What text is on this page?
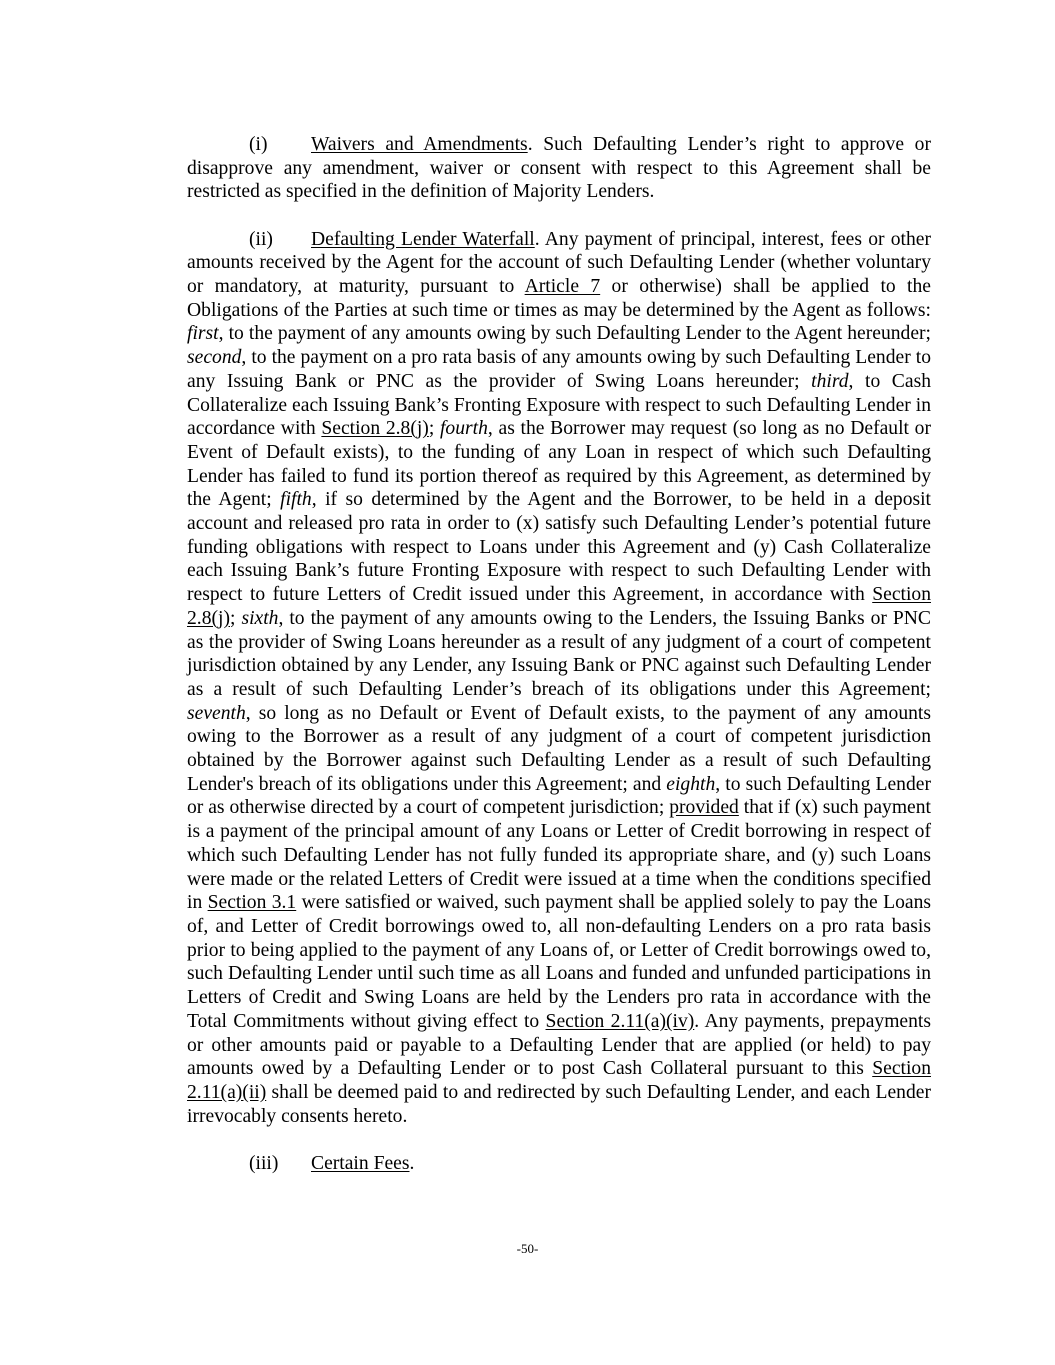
(i) Waivers and Amendments. Such Defaulting Lender’s right to approve or disapprove any amendment, waiver or consent with respect to this Agreement shall be restricted as specified in the definition of Majority Lenders.

(ii) Defaulting Lender Waterfall. Any payment of principal, interest, fees or other amounts received by the Agent for the account of such Defaulting Lender (whether voluntary or mandatory, at maturity, pursuant to Article 7 or otherwise) shall be applied to the Obligations of the Parties at such time or times as may be determined by the Agent as follows: first, to the payment of any amounts owing by such Defaulting Lender to the Agent hereunder; second, to the payment on a pro rata basis of any amounts owing by such Defaulting Lender to any Issuing Bank or PNC as the provider of Swing Loans hereunder; third, to Cash Collateralize each Issuing Bank’s Fronting Exposure with respect to such Defaulting Lender in accordance with Section 2.8(j); fourth, as the Borrower may request (so long as no Default or Event of Default exists), to the funding of any Loan in respect of which such Defaulting Lender has failed to fund its portion thereof as required by this Agreement, as determined by the Agent; fifth, if so determined by the Agent and the Borrower, to be held in a deposit account and released pro rata in order to (x) satisfy such Defaulting Lender’s potential future funding obligations with respect to Loans under this Agreement and (y) Cash Collateralize each Issuing Bank’s future Fronting Exposure with respect to such Defaulting Lender with respect to future Letters of Credit issued under this Agreement, in accordance with Section 2.8(j); sixth, to the payment of any amounts owing to the Lenders, the Issuing Banks or PNC as the provider of Swing Loans hereunder as a result of any judgment of a court of competent jurisdiction obtained by any Lender, any Issuing Bank or PNC against such Defaulting Lender as a result of such Defaulting Lender’s breach of its obligations under this Agreement; seventh, so long as no Default or Event of Default exists, to the payment of any amounts owing to the Borrower as a result of any judgment of a court of competent jurisdiction obtained by the Borrower against such Defaulting Lender as a result of such Defaulting Lender's breach of its obligations under this Agreement; and eighth, to such Defaulting Lender or as otherwise directed by a court of competent jurisdiction; provided that if (x) such payment is a payment of the principal amount of any Loans or Letter of Credit borrowing in respect of which such Defaulting Lender has not fully funded its appropriate share, and (y) such Loans were made or the related Letters of Credit were issued at a time when the conditions specified in Section 3.1 were satisfied or waived, such payment shall be applied solely to pay the Loans of, and Letter of Credit borrowings owed to, all non-defaulting Lenders on a pro rata basis prior to being applied to the payment of any Loans of, or Letter of Credit borrowings owed to, such Defaulting Lender until such time as all Loans and funded and unfunded participations in Letters of Credit and Swing Loans are held by the Lenders pro rata in accordance with the Total Commitments without giving effect to Section 2.11(a)(iv). Any payments, prepayments or other amounts paid or payable to a Defaulting Lender that are applied (or held) to pay amounts owed by a Defaulting Lender or to post Cash Collateral pursuant to this Section 2.11(a)(ii) shall be deemed paid to and redirected by such Defaulting Lender, and each Lender irrevocably consents hereto.

(iii) Certain Fees.

-50-
